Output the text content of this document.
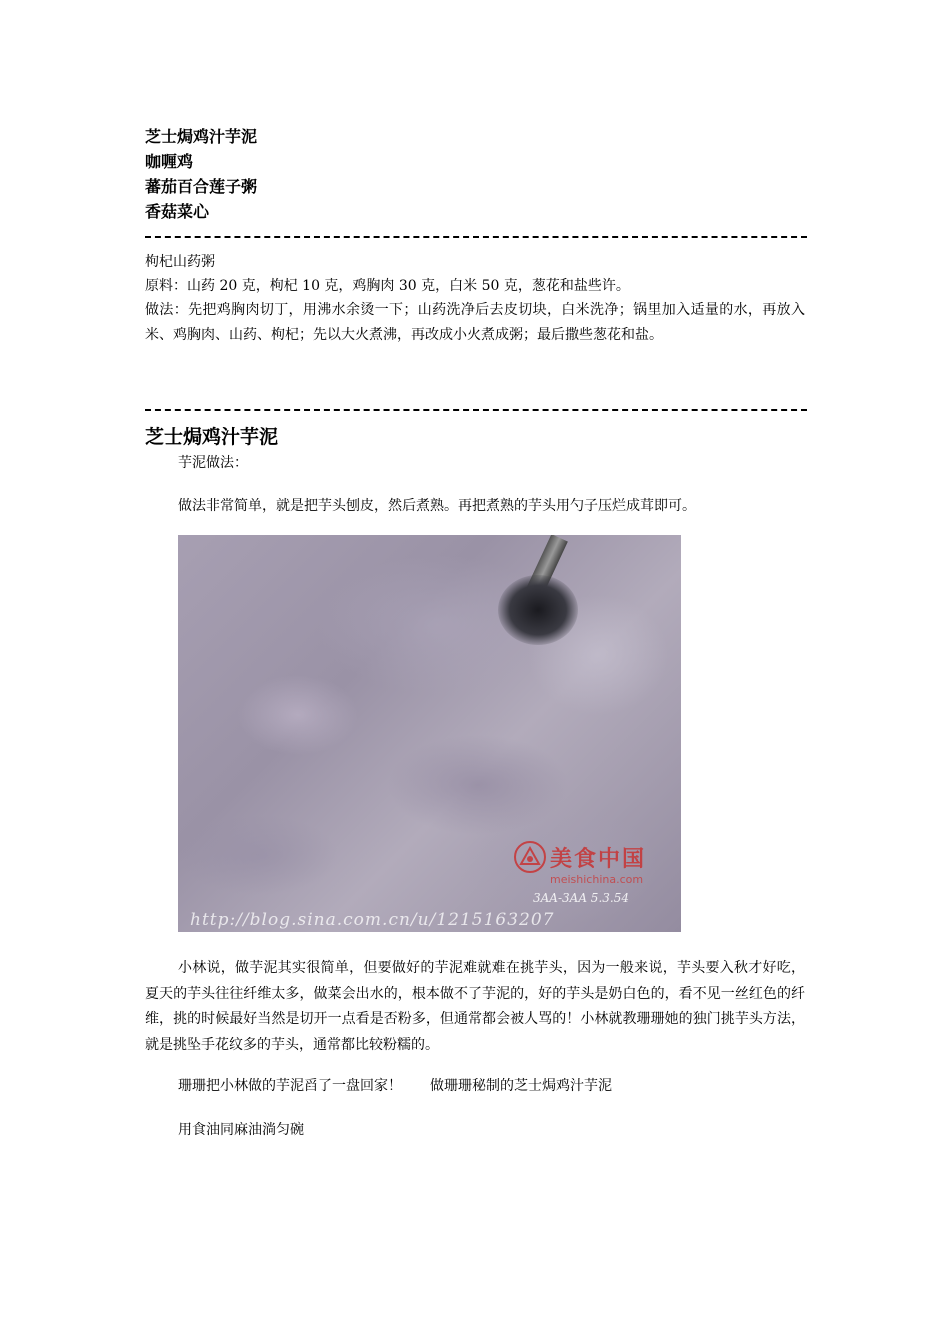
芝士焗鸡汁芋泥
咖喱鸡
蕃茄百合莲子粥
香菇菜心
枸杞山药粥
原料：山药 20 克，枸杞 10 克，鸡胸肉 30 克，白米 50 克，葱花和盐些许。
做法：先把鸡胸肉切丁，用沸水余烫一下；山药洗净后去皮切块，白米洗净；锅里加入适量的水，再放入米、鸡胸肉、山药、枸杞；先以大火煮沸，再改成小火煮成粥；最后撒些葱花和盐。
芝士焗鸡汁芋泥
芋泥做法：
做法非常简单，就是把芋头刨皮，然后煮熟。再把煮熟的芋头用勺子压烂成茸即可。
美食中国
meishichina.com
3AA-3AA 5.3.54
http://blog.sina.com.cn/u/1215163207
小林说，做芋泥其实很简单，但要做好的芋泥难就难在挑芋头，因为一般来说，芋头要入秋才好吃，夏天的芋头往往纤维太多，做菜会出水的，根本做不了芋泥的，好的芋头是奶白色的，看不见一丝红色的纤维，挑的时候最好当然是切开一点看是否粉多，但通常都会被人骂的！小林就教珊珊她的独门挑芋头方法，就是挑坠手花纹多的芋头，通常都比较粉糯的。
珊珊把小林做的芋泥舀了一盘回家！　　做珊珊秘制的芝士焗鸡汁芋泥
用食油同麻油淌匀碗
